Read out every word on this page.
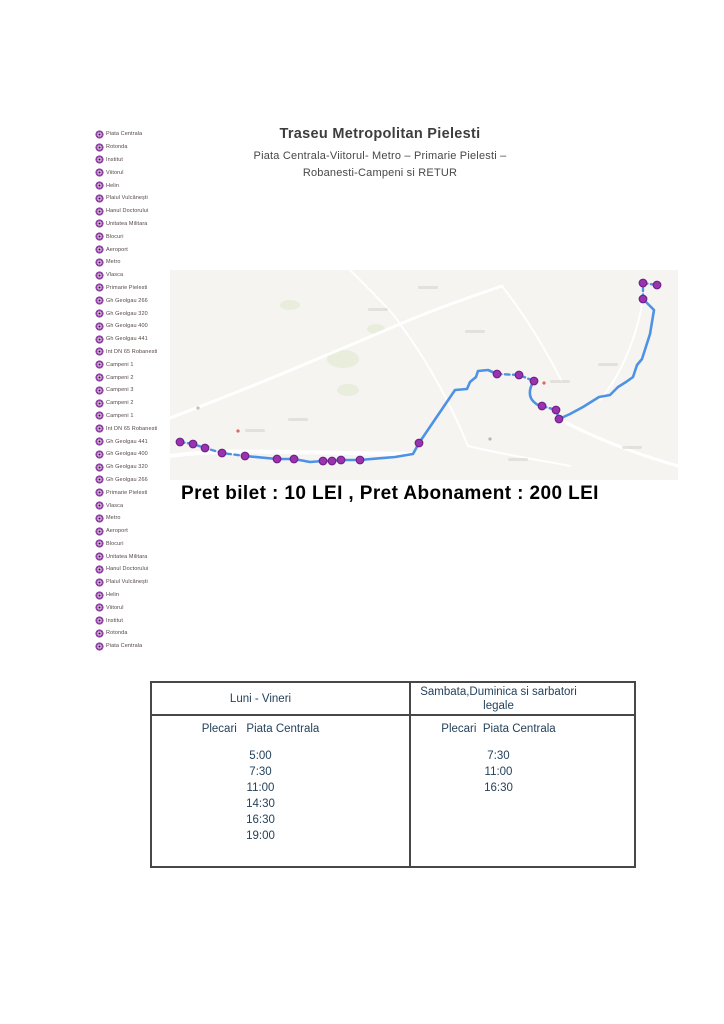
Traseu Metropolitan Pielesti
Piata Centrala-Viitorul- Metro – Primarie Pielesti –
Robanesti-Campeni si RETUR
Piata Centrala
Rotonda
Institut
Viitorul
Helin
Plaiul Vulcănești
Hanul Doctorului
Unitatea Militara
Blocuri
Aeroport
Metro
Vlasca
Primarie Pielesti
Gh Geolgau 266
Gh Geolgau 320
Gh Geolgau 400
Gh Geolgau 441
Int DN 65 Robanesti
Campeni 1
Campeni 2
Campeni 3
Campeni 2
Campeni 1
Int DN 65 Robanesti
Gh Geolgau 441
Gh Geolgau 400
Gh Geolgau 320
Gh Geolgau 266
Primarie Pielesti
Vlasca
Metro
Aeroport
Blocuri
Unitatea Militara
Hanul Doctorului
Plaiul Vulcănești
Helin
Viitorul
Institut
Rotonda
Piata Centrala
Pret bilet : 10 LEI , Pret Abonament : 200 LEI
Luni - Vineri
Plecari   Piata Centrala
5:00
7:30
11:00
14:30
16:30
19:00
Sambata,Duminica si sarbatori
legale
Plecari  Piata Centrala
7:30
11:00
16:30
